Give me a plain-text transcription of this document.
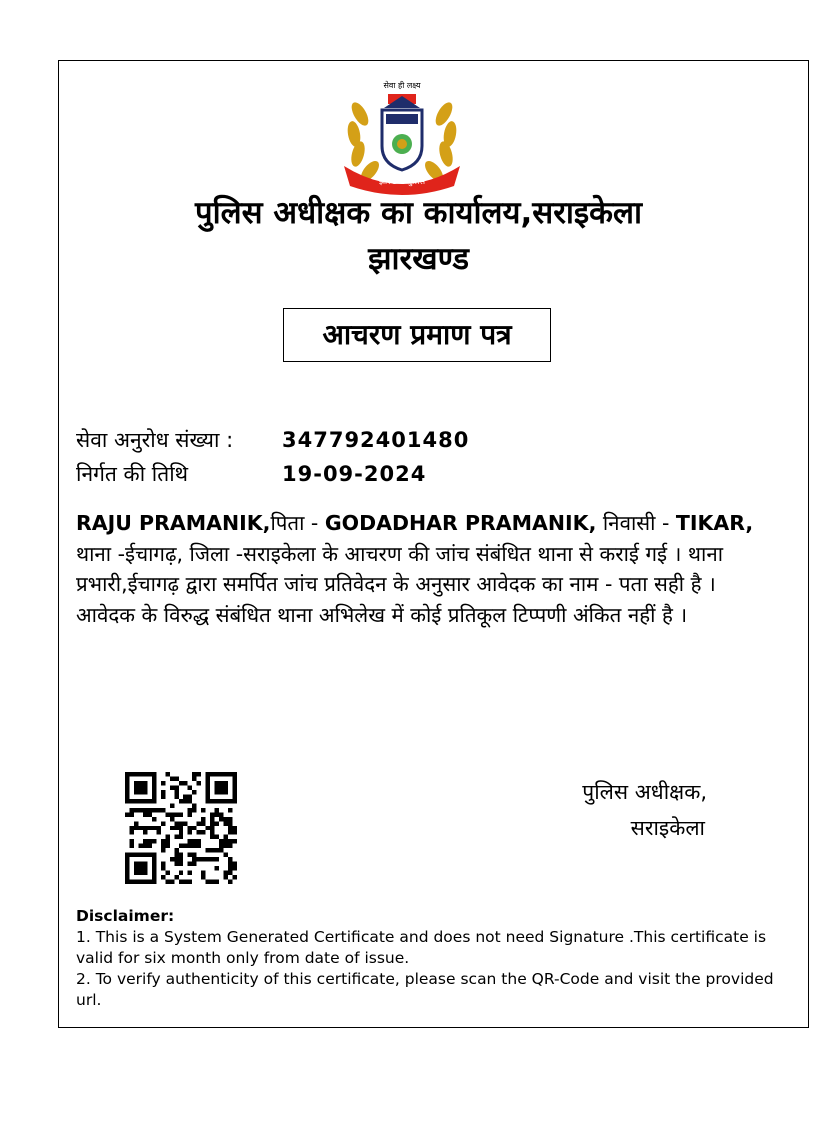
सेवा ही लक्ष्य
झारखण्ड पुलिस
पुलिस अधीक्षक का कार्यालय,सराइकेला
झारखण्ड
आचरण प्रमाण पत्र
सेवा अनुरोध संख्या : 347792401480
निर्गत की तिथि	19-09-2024
RAJU PRAMANIK,पिता - GODADHAR PRAMANIK, निवासी - TIKAR, थाना -ईचागढ़, जिला -सराइकेला के आचरण की जांच संबंधित थाना से कराई गई । थाना प्रभारी,ईचागढ़ द्वारा समर्पित जांच प्रतिवेदन के अनुसार आवेदक का नाम - पता सही है । आवेदक के विरुद्ध संबंधित थाना अभिलेख में कोई प्रतिकूल टिप्पणी अंकित नहीं है ।
पुलिस अधीक्षक,
सराइकेला
Disclaimer:
1. This is a System Generated Certificate and does not need Signature .This certificate is valid for six month only from date of issue.
2. To verify authenticity of this certificate, please scan the QR-Code and visit the provided url.
